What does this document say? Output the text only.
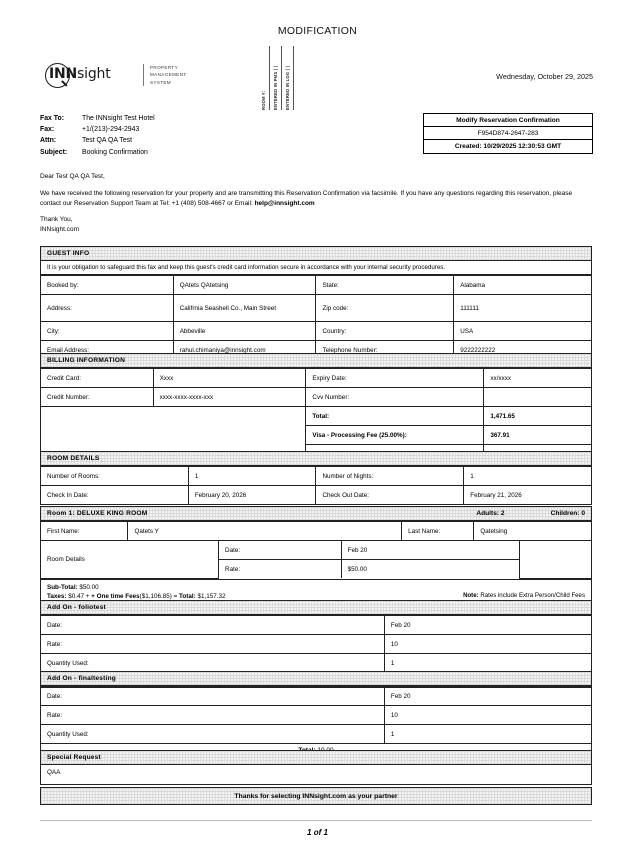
MODIFICATION
INNsight	PROPERTY
MANAGEMENT
SYSTEM
ROOM #:	ENTERED IN PMS ( )	ENTERED IN LOG ( )	Wednesday, October 29, 2025
Modify Reservation Confirmation
F954D874-2647-283
Created: 10/29/2025 12:30:53 GMT
Fax To:	The INNsight Test Hotel
Fax:	+1/(213)-294-2943
Attn:	Test QA QA Test
Subject:	Booking Confirmation

Dear Test QA QA Test,

We have received the following reservation for your property and are transmitting this Reservation Confirmation via facsimile. If you have any questions regarding this reservation, please contact our Reservation Support Team at Tel: +1 (408) 508-4667 or Email: help@innsight.com

Thank You,
INNsight.com

GUEST INFO
It is your obligation to safeguard this fax and keep this guest's credit card information secure in accordance with your internal security procedures.
Booked by:	QAtets QAtetsing	State:	Alabama
Address:	Califrnia Seashell Co., Main Street	Zip code:	111111
City:	Abbeville	Country:	USA
Email Address:	rahul.chimaniya@innsight.com	Telephone Number:	9222222222
BILLING INFORMATION
Credit Card:	Xxxx	Expiry Date:	xx/xxxx
Credit Number:	xxxx-xxxx-xxxx-xxx	Cvv Number:	
		Total:	1,471.65
		Visa - Processing Fee (25.00%):	367.91

ROOM DETAILS
Number of Rooms:	1	Number of Nights:	1
Check In Date:	February 20, 2026	Check Out Date:	February 21, 2026
Room 1: DELUXE KING ROOM	Adults: 2	Children: 0
First Name:	Qatets Y	Last Name:	Qatetsing
Room Details	Date:	Feb 20	
	Rate:	$50.00	
Sub-Total: $50.00
Taxes: $0.47 + + One time Fees($1,106.85) = Total: $1,157.32	Note: Rates include Extra Person/Child Fees
Add On - foliotest
Date:	Feb 20
Rate:	10
Quantity Used:	1
Add On - finaltesting
Date:	Feb 20
Rate:	10
Quantity Used:	1
Special Request
QAA
Thanks for selecting INNsight.com as your partner
1 of 1
